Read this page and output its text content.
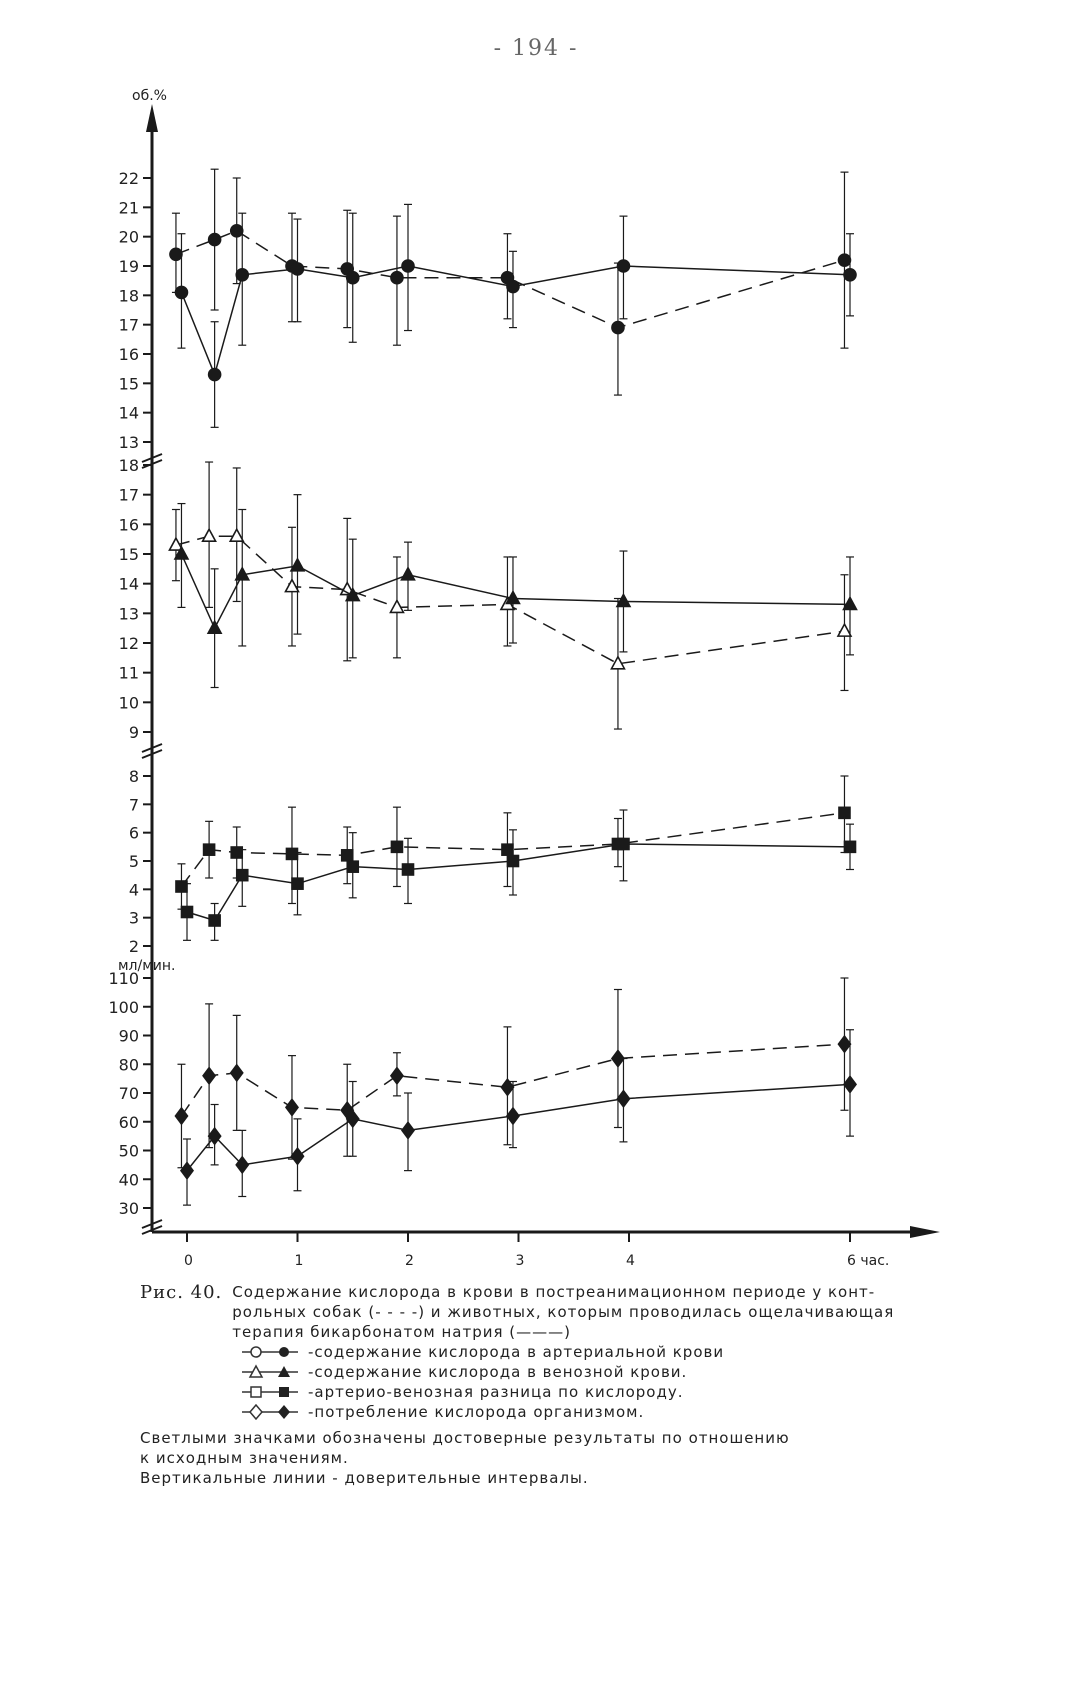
- 194 -
0	1	2	3	4	6 час.
об.%
13
14
15
16
17
18
19
20
21
22
9
10
11
12
13
14
15
16
17
18
2
3
4
5
6
7
8
мл/мин.
30
40
50
60
70
80
90
100
110
Рис. 40. Содержание кислорода в крови в постреанимационном периоде у конт-
рольных собак (- - - -) и животных, которым проводилась ощелачивающая
терапия бикарбонатом натрия (———)
-содержание кислорода в артериальной крови
-содержание кислорода в венозной крови.
-артерио-венозная разница по кислороду.
-потребление кислорода организмом.
Светлыми значками обозначены достоверные результаты по отношению
к исходным значениям.
Вертикальные линии - доверительные интервалы.
